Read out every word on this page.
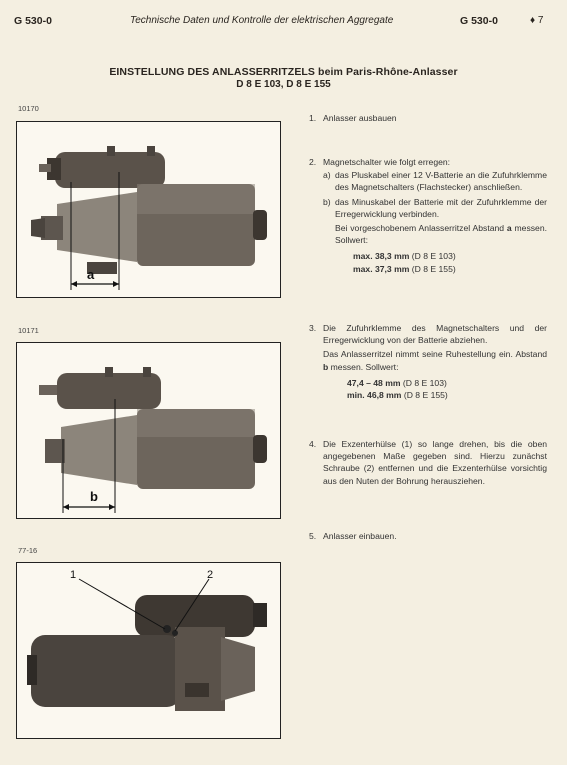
G 530-0	Technische Daten und Kontrolle der elektrischen Aggregate	G 530-0	♦ 7
EINSTELLUNG DES ANLASSERRITZELS beim Paris-Rhône-Anlasser
D 8 E 103, D 8 E 155
10170
a
10171
b
77-16
1	2
1. Anlasser ausbauen
2. Magnetschalter wie folgt erregen:
a) das Pluskabel einer 12 V-Batterie an die Zufuhrklemme des Magnetschalters (Flachstecker) anschließen.
b) das Minuskabel der Batterie mit der Zufuhrklemme der Erregerwicklung verbinden.
Bei vorgeschobenem Anlasserritzel Abstand a messen. Sollwert:
max. 38,3 mm (D 8 E 103)
max. 37,3 mm (D 8 E 155)
3. Die Zufuhrklemme des Magnetschalters und der Erregerwicklung von der Batterie abziehen.
Das Anlasserritzel nimmt seine Ruhestellung ein. Abstand b messen. Sollwert:
47,4 – 48 mm (D 8 E 103)
min. 46,8 mm (D 8 E 155)
4. Die Exzenterhülse (1) so lange drehen, bis die oben angegebenen Maße gegeben sind. Hierzu zunächst Schraube (2) entfernen und die Exzenterhülse vorsichtig aus den Nuten der Bohrung herausziehen.
5. Anlasser einbauen.
